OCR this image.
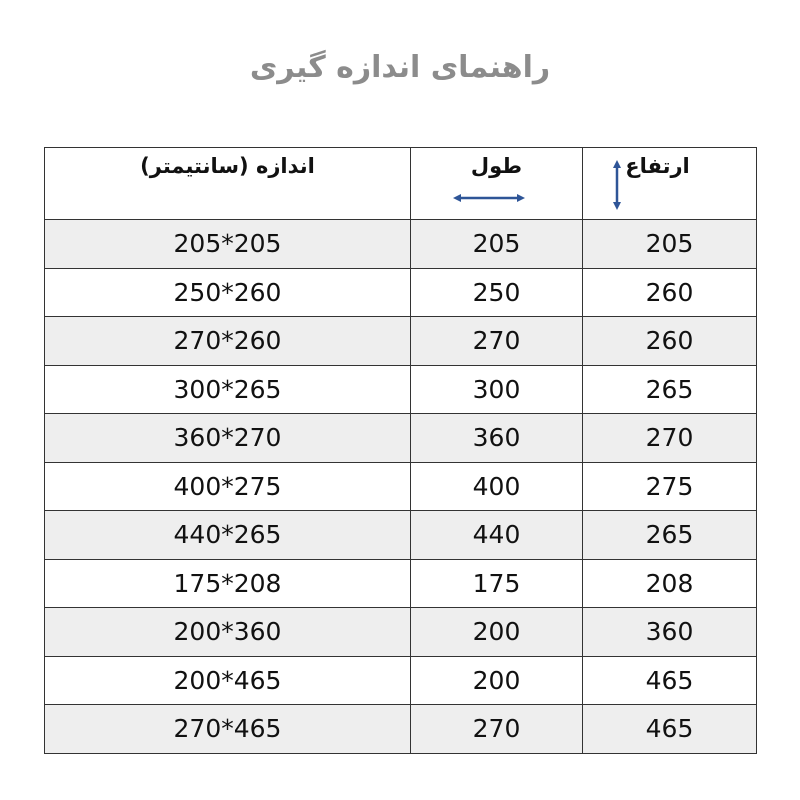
راهنمای اندازه گیری
اندازه (سانتیمتر)	طول	ارتفاع

205*205	205	205
250*260	250	260
270*260	270	260
300*265	300	265
360*270	360	270
400*275	400	275
440*265	440	265
175*208	175	208
200*360	200	360
200*465	200	465
270*465	270	465
